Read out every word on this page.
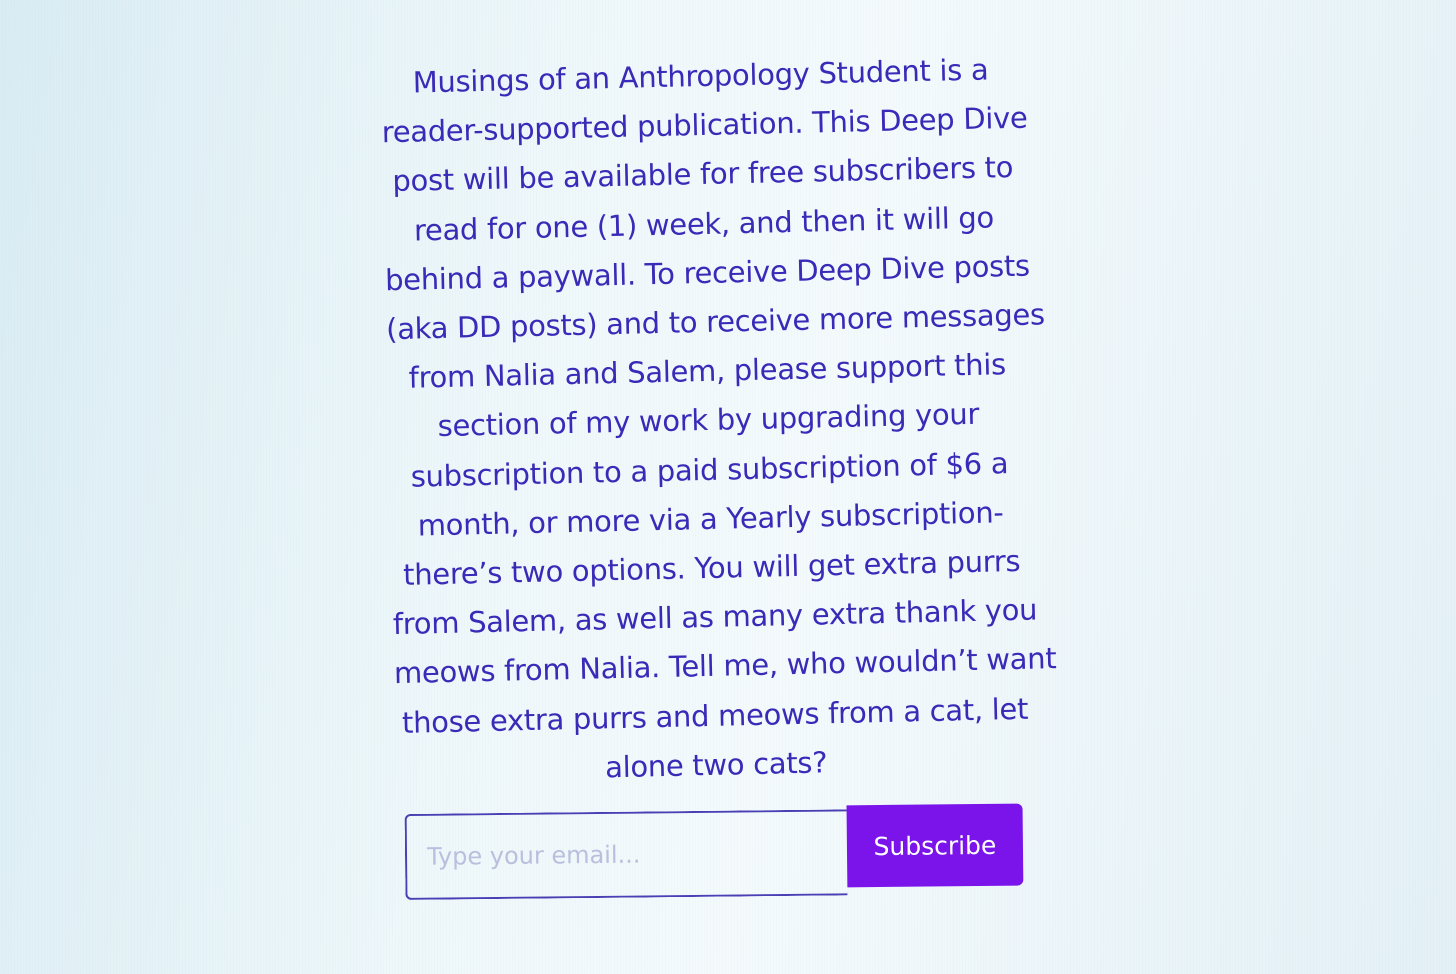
Musings of an Anthropology Student is a
reader-supported publication. This Deep Dive
post will be available for free subscribers to
read for one (1) week, and then it will go
behind a paywall. To receive Deep Dive posts
(aka DD posts) and to receive more messages
from Nalia and Salem, please support this
section of my work by upgrading your
subscription to a paid subscription of $6 a
month, or more via a Yearly subscription-
there’s two options. You will get extra purrs
from Salem, as well as many extra thank you
meows from Nalia. Tell me, who wouldn’t want
those extra purrs and meows from a cat, let
alone two cats?

Type your email...
Subscribe
